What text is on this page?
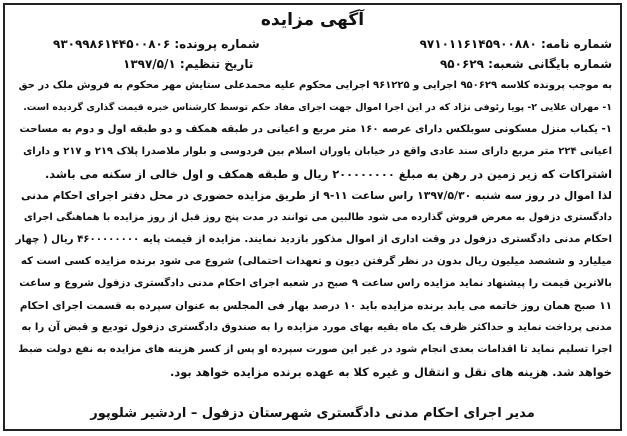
آگهی مزایده
شماره نامه: ۹۷۱۰۱۱۶۱۴۵۹۰۰۸۸۰
شماره پرونده: ۹۳۰۹۹۸۶۱۴۴۵۰۰۸۰۶
شماره بایگانی شعبه: ۹۵۰۶۲۹
تاریخ تنظیم: ۱۳۹۷/۵/۱
به موجب پرونده کلاسه ۹۵۰۶۲۹ اجرایی و ۹۶۱۲۲۵ اجرایی محکوم علیه محمدعلی ستایش مهر محکوم به فروش ملک در حق
۱- مهران علایی ۲- پویا رئوفی نژاد که در این اجرا اموال جهت اجرای مفاد حکم توسط کارشناس خبره قیمت گذاری گردیده است.
۱- یکباب منزل مسکونی سوبلکس دارای عرصه ۱۶۰ متر مربع و اعیانی در طبقه همکف و دو طبقه اول و دوم به مساحت
اعیانی ۲۲۴ متر مربع دارای سند عادی واقع در خیابان یاوران اسلام بین فردوسی و بلوار ملاصدرا پلاک ۲۱۹ و ۲۱۷ و دارای
اشتراکات که زیر زمین در رهن به مبلغ ۲۰۰۰۰۰۰۰۰ ریال و طبقه همکف و اول خالی از سکنه می باشد.
لذا اموال در روز سه شنبه ۱۳۹۷/۵/۳۰ راس ساعت ۱۱-۹ از طریق مزایده حضوری در محل دفتر اجرای احکام مدنی
دادگستری دزفول به معرض فروش گذارده می شود طالبین می توانند در مدت پنج روز قبل از روز مزایده با هماهنگی اجرای
احکام مدنی دادگستری دزفول در وقت اداری از اموال مذکور بازدید نمایند. مزایده از قیمت پایه ۴۶۰۰۰۰۰۰۰۰ ریال ( چهار
میلیارد و ششصد میلیون ریال بدون در نظر گرفتن دیون و تعهدات احتمالی) شروع می شود برنده مزایده کسی است که
بالاترین قیمت را پیشنهاد نماید مزایده راس ساعت ۹ صبح در شعبه اجرای احکام مدنی دادگستری دزفول شروع و ساعت
۱۱ صبح همان روز خاتمه می یابد برنده مزایده باید ۱۰ درصد بهار فی المجلس به عنوان سپرده به قسمت اجرای احکام
مدنی پرداخت نماید و حداکثر ظرف یک ماه بقیه بهای مورد مزایده را به صندوق دادگستری دزفول تودیع و قبض آن را به
اجرا تسلیم نماید تا اقدامات بعدی انجام شود در غیر این صورت سپرده او پس از کسر هزینه های مزایده به نفع دولت ضبط
خواهد شد. هزینه های نقل و انتقال و غیره کلا به عهده برنده مزایده خواهد بود.
مدیر اجرای احکام مدنی دادگستری شهرستان دزفول – اردشیر شلوپور
